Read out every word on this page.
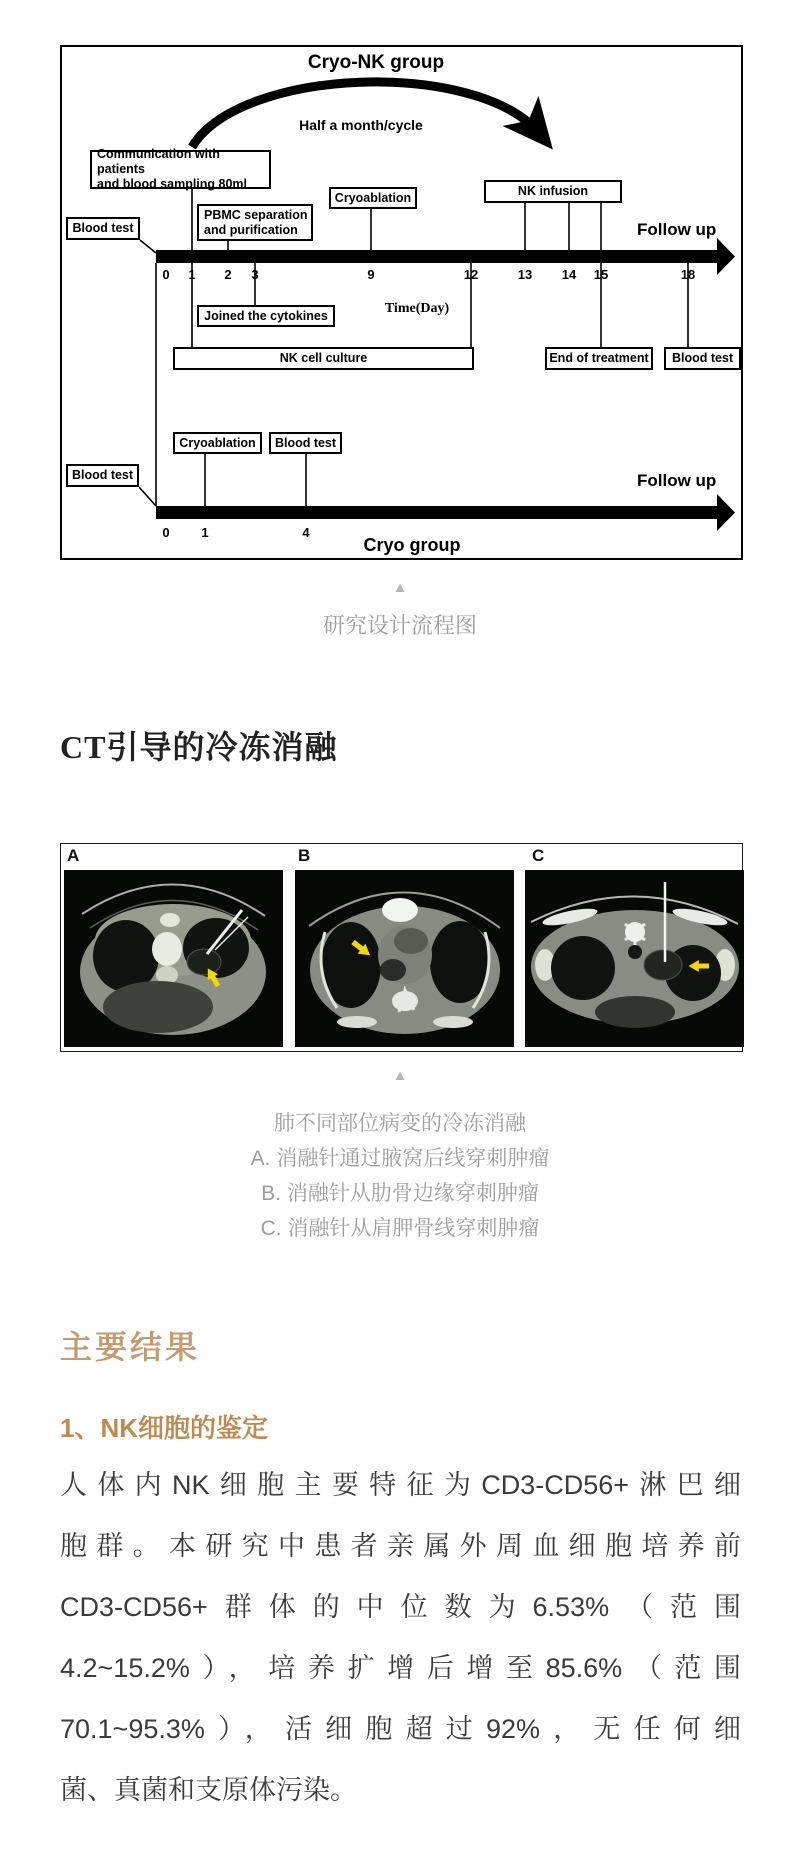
Cryo-NK group
Half a month/cycle
Communication with patients
and blood sampling 80ml
Blood test
PBMC separation
and purification
Cryoablation	NK infusion
Follow up
0 1 2 3	9	12	13 14 15	18
Time(Day)
Joined the cytokines
NK cell culture	End of treatment	Blood test
Cryoablation	Blood test
Blood test	Follow up
0 1	4
Cryo group
▲
研究设计流程图
CT引导的冷冻消融
A	B	C
▲
肺不同部位病变的冷冻消融
A. 消融针通过腋窝后线穿刺肿瘤
B. 消融针从肋骨边缘穿刺肿瘤
C. 消融针从肩胛骨线穿刺肿瘤
主要结果
1、NK细胞的鉴定
人体内NK细胞主要特征为CD3-CD56+淋巴细
胞群。本研究中患者亲属外周血细胞培养前
CD3-CD56+群体的中位数为6.53%（范围
4.2~15.2%），培养扩增后增至85.6%（范围
70.1~95.3%），活细胞超过92%，无任何细
菌、真菌和支原体污染。
